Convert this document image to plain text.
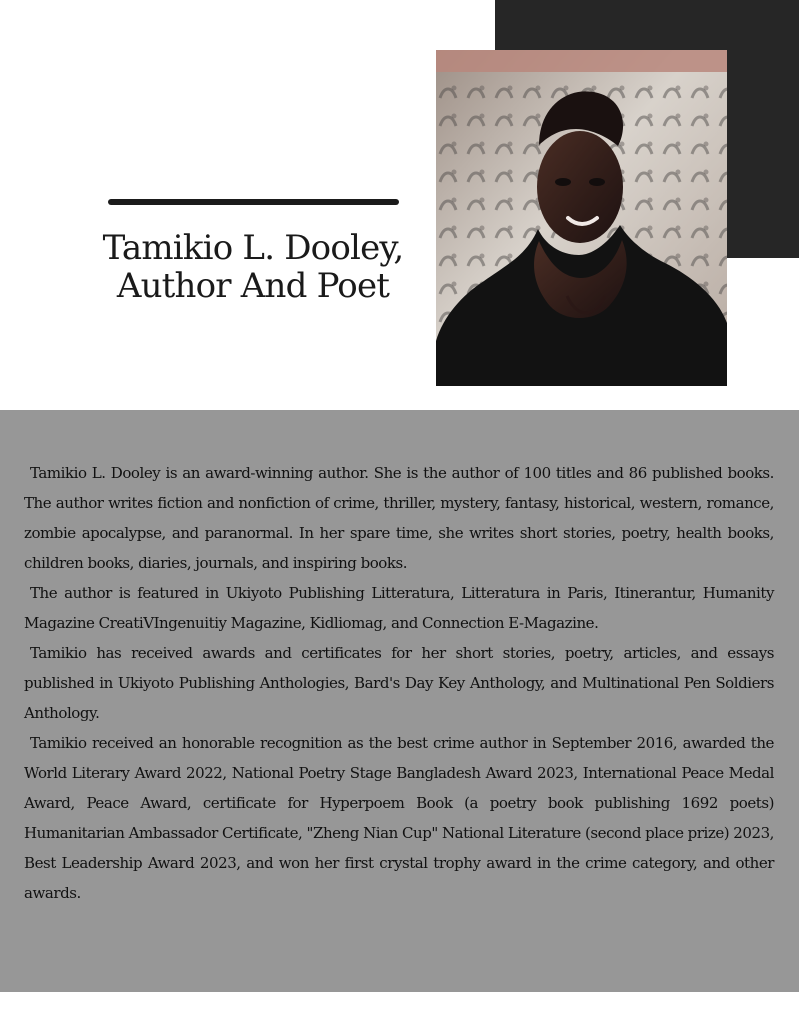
Tamikio L. Dooley,
Author And Poet

Tamikio L. Dooley is an award-winning author. She is the author of 100 titles and 86 published books. The author writes fiction and nonfiction of crime, thriller, mystery, fantasy, historical, western, romance, zombie apocalypse, and paranormal. In her spare time, she writes short stories, poetry, health books, children books, diaries, journals, and inspiring books.

The author is featured in Ukiyoto Publishing Litteratura, Litteratura in Paris, Itinerantur, Humanity Magazine CreatiVIngenuitiy Magazine, Kidliomag, and Connection E-Magazine.

Tamikio has received awards and certificates for her short stories, poetry, articles, and essays published in Ukiyoto Publishing Anthologies, Bard's Day Key Anthology, and Multinational Pen Soldiers Anthology.

Tamikio received an honorable recognition as the best crime author in September 2016, awarded the World Literary Award 2022, National Poetry Stage Bangladesh Award 2023, International Peace Medal Award, Peace Award, certificate for Hyperpoem Book (a poetry book publishing 1692 poets) Humanitarian Ambassador Certificate, "Zheng Nian Cup" National Literature (second place prize) 2023, Best Leadership Award 2023, and won her first crystal trophy award in the crime category, and other awards.
